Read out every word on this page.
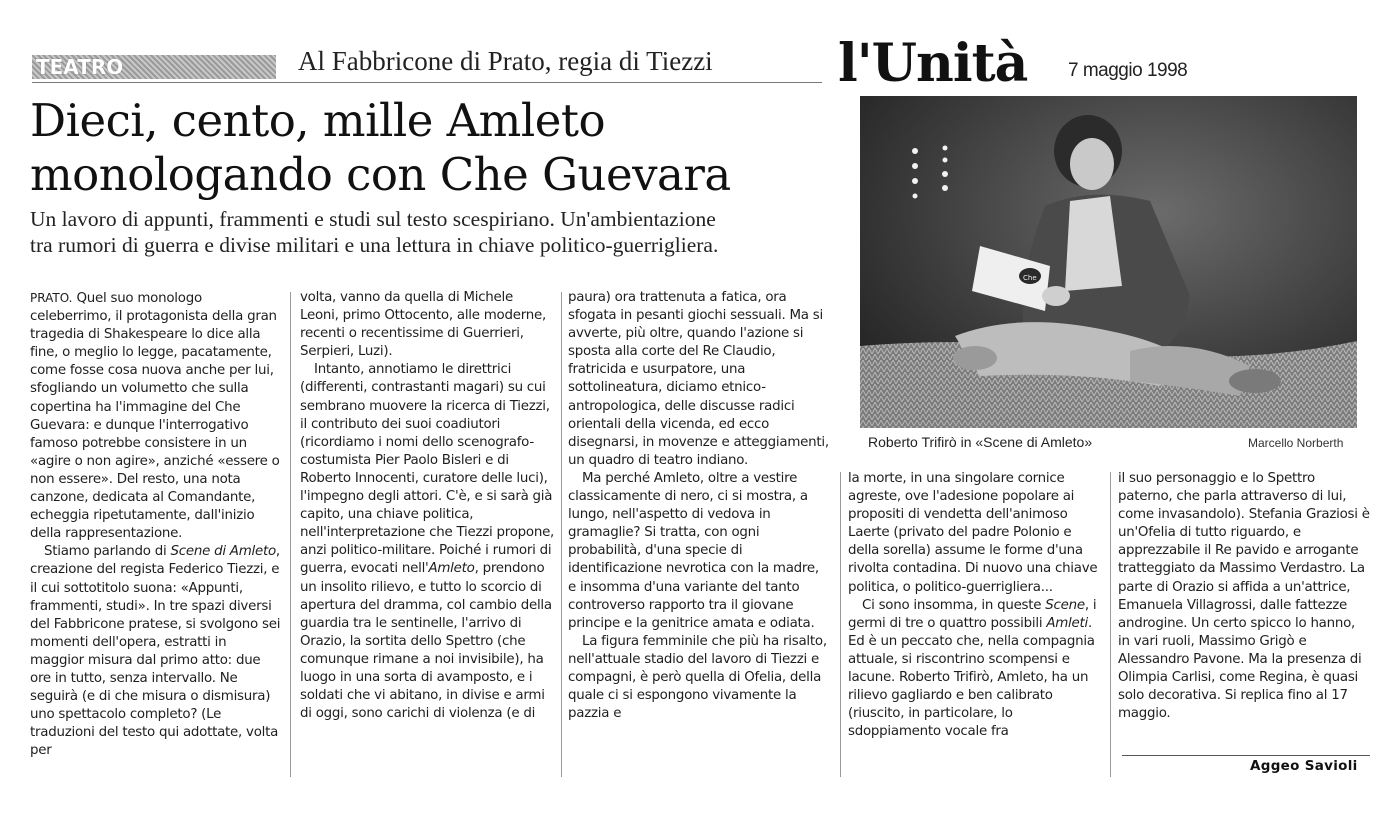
TEATRO	Al Fabbricone di Prato, regia di Tiezzi l'Unità 7 maggio 1998
Dieci, cento, mille Amleto
monologando con Che Guevara
Un lavoro di appunti, frammenti e studi sul testo scespiriano. Un'ambientazione
tra rumori di guerra e divise militari e una lettura in chiave politico-guerrigliera.
Che
Roberto Trifirò in «Scene di Amleto»	Marcello Norberth

PRATO. Quel suo monologo celeberrimo, il protagonista della gran tragedia di Shakespeare lo dice alla fine, o meglio lo legge, pacatamente, come fosse cosa nuova anche per lui, sfogliando un volumetto che sulla copertina ha l'immagine del Che Guevara: e dunque l'interrogativo famoso potrebbe consistere in un «agire o non agire», anziché «essere o non essere». Del resto, una nota canzone, dedicata al Comandante, echeggia ripetutamente, dall'inizio della rappresentazione.

Stiamo parlando di Scene di Amleto, creazione del regista Federico Tiezzi, e il cui sottotitolo suona: «Appunti, frammenti, studi». In tre spazi diversi del Fabbricone pratese, si svolgono sei momenti dell'opera, estratti in maggior misura dal primo atto: due ore in tutto, senza intervallo. Ne seguirà (e di che misura o dismisura) uno spettacolo completo? (Le traduzioni del testo qui adottate, volta per

volta, vanno da quella di Michele Leoni, primo Ottocento, alle moderne, recenti o recentissime di Guerrieri, Serpieri, Luzi).

Intanto, annotiamo le direttrici (differenti, contrastanti magari) su cui sembrano muovere la ricerca di Tiezzi, il contributo dei suoi coadiutori (ricordiamo i nomi dello scenografo-costumista Pier Paolo Bisleri e di Roberto Innocenti, curatore delle luci), l'impegno degli attori. C'è, e si sarà già capito, una chiave politica, nell'interpretazione che Tiezzi propone, anzi politico-militare. Poiché i rumori di guerra, evocati nell'Amleto, prendono un insolito rilievo, e tutto lo scorcio di apertura del dramma, col cambio della guardia tra le sentinelle, l'arrivo di Orazio, la sortita dello Spettro (che comunque rimane a noi invisibile), ha luogo in una sorta di avamposto, e i soldati che vi abitano, in divise e armi di oggi, sono carichi di violenza (e di

paura) ora trattenuta a fatica, ora sfogata in pesanti giochi sessuali. Ma si avverte, più oltre, quando l'azione si sposta alla corte del Re Claudio, fratricida e usurpatore, una sottolineatura, diciamo etnico-antropologica, delle discusse radici orientali della vicenda, ed ecco disegnarsi, in movenze e atteggiamenti, un quadro di teatro indiano.

Ma perché Amleto, oltre a vestire classicamente di nero, ci si mostra, a lungo, nell'aspetto di vedova in gramaglie? Si tratta, con ogni probabilità, d'una specie di identificazione nevrotica con la madre, e insomma d'una variante del tanto controverso rapporto tra il giovane principe e la genitrice amata e odiata.

La figura femminile che più ha risalto, nell'attuale stadio del lavoro di Tiezzi e compagni, è però quella di Ofelia, della quale ci si espongono vivamente la pazzia e

la morte, in una singolare cornice agreste, ove l'adesione popolare ai propositi di vendetta dell'animoso Laerte (privato del padre Polonio e della sorella) assume le forme d'una rivolta contadina. Di nuovo una chiave politica, o politico-guerrigliera...

Ci sono insomma, in queste Scene, i germi di tre o quattro possibili Amleti. Ed è un peccato che, nella compagnia attuale, si riscontrino scompensi e lacune. Roberto Trifirò, Amleto, ha un rilievo gagliardo e ben calibrato (riuscito, in particolare, lo sdoppiamento vocale fra

il suo personaggio e lo Spettro paterno, che parla attraverso di lui, come invasandolo). Stefania Graziosi è un'Ofelia di tutto riguardo, e apprezzabile il Re pavido e arrogante tratteggiato da Massimo Verdastro. La parte di Orazio si affida a un'attrice, Emanuela Villagrossi, dalle fattezze androgine. Un certo spicco lo hanno, in vari ruoli, Massimo Grigò e Alessandro Pavone. Ma la presenza di Olimpia Carlisi, come Regina, è quasi solo decorativa. Si replica fino al 17 maggio.

Aggeo Savioli
